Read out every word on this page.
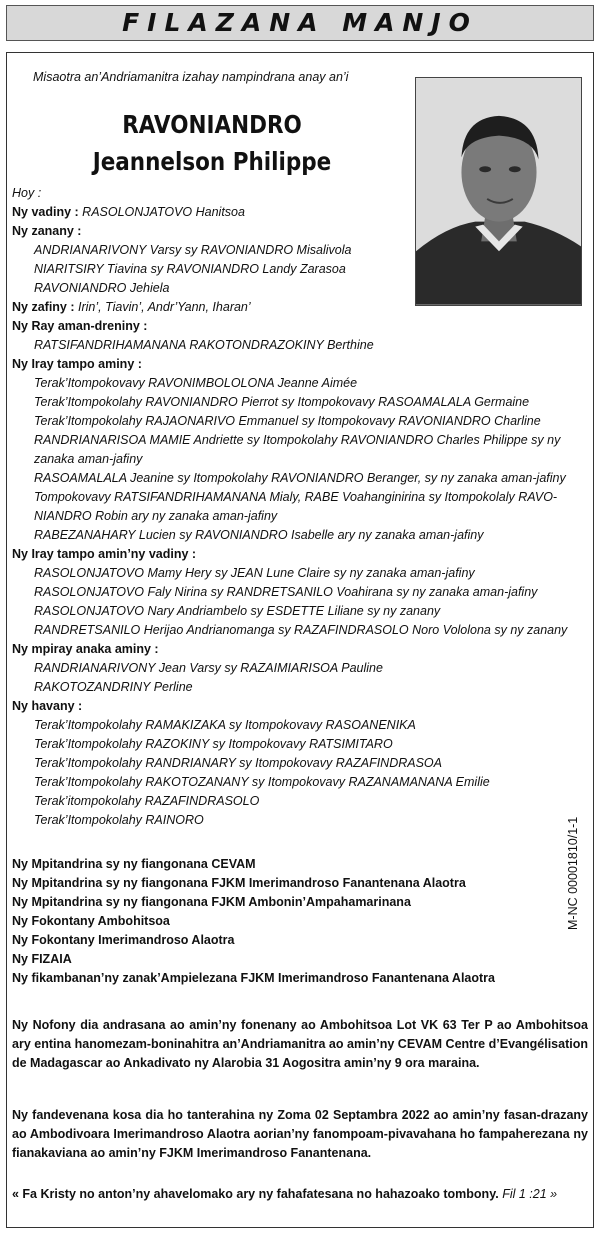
FILAZANA MANJO
Misaotra an’Andriamanitra izahay nampindrana anay an’i
RAVONIANDRO
Jeannelson Philippe
Hoy :
Ny vadiny : RASOLONJATOVO Hanitsoa
Ny zanany :
ANDRIANARIVONY Varsy sy RAVONIANDRO Misalivola
NIARITSIRY Tiavina sy RAVONIANDRO Landy Zarasoa
RAVONIANDRO Jehiela
Ny zafiny : Irin’, Tiavin’, Andr’Yann, Iharan’
Ny Ray aman-dreniny :
RATSIFANDRIHAMANANA RAKOTONDRAZOKINY Berthine
Ny Iray tampo aminy :
Terak’Itompokovavy RAVONIMBOLOLONA Jeanne Aimée
Terak’Itompokolahy RAVONIANDRO Pierrot sy Itompokovavy RASOAMALALA Germaine
Terak’Itompokolahy RAJAONARIVO Emmanuel sy Itompokovavy RAVONIANDRO Charline
RANDRIANARISOA MAMIE Andriette sy Itompokolahy RAVONIANDRO Charles Philippe sy ny zanaka aman-jafiny
RASOAMALALA Jeanine sy Itompokolahy RAVONIANDRO Beranger, sy ny zanaka aman-jafiny
Tompokovavy RATSIFANDRIHAMANANA Mialy, RABE Voahanginirina sy Itompokolaly RAVO-NIANDRO Robin ary ny zanaka aman-jafiny
RABEZANAHARY Lucien sy RAVONIANDRO Isabelle ary ny zanaka aman-jafiny
Ny Iray tampo amin’ny vadiny :
RASOLONJATOVO Mamy Hery sy JEAN Lune Claire sy ny zanaka aman-jafiny
RASOLONJATOVO Faly Nirina sy RANDRETSANILO Voahirana sy ny zanaka aman-jafiny
RASOLONJATOVO Nary Andriambelo sy ESDETTE Liliane sy ny zanany
RANDRETSANILO Herijao Andrianomanga sy RAZAFINDRASOLO Noro Vololona sy ny zanany
Ny mpiray anaka aminy :
RANDRIANARIVONY Jean Varsy sy RAZAIMIARISOA Pauline
RAKOTOZANDRINY Perline
Ny havany :
Terak’Itompokolahy RAMAKIZAKA sy Itompokovavy RASOANENIKA
Terak’Itompokolahy RAZOKINY sy Itompokovavy RATSIMITARO
Terak’Itompokolahy RANDRIANARY sy Itompokovavy RAZAFINDRASOA
Terak’Itompokolahy RAKOTOZANANY sy Itompokovavy RAZANAMANANA Emilie
Terak’itompokolahy RAZAFINDRASOLO
Terak’Itompokolahy RAINORO
Ny Mpitandrina sy ny fiangonana CEVAM
Ny Mpitandrina sy ny fiangonana FJKM Imerimandroso Fanantenana Alaotra
Ny Mpitandrina sy ny fiangonana FJKM Ambonin’Ampahamarinana
Ny Fokontany Ambohitsoa
Ny Fokontany Imerimandroso Alaotra
Ny FIZAIA
Ny fikambanan’ny zanak’Ampielezana FJKM Imerimandroso Fanantenana Alaotra
Ny Nofony dia andrasana ao amin’ny fonenany ao Ambohitsoa Lot VK 63 Ter P ao Ambohitsoa ary entina hanomezam-boninahitra an’Andriamanitra ao amin’ny CEVAM Centre d’Evangélisation de Madagascar ao Ankadivato ny Alarobia 31 Aogositra amin’ny 9 ora maraina.
Ny fandevenana kosa dia ho tanterahina ny Zoma 02 Septambra 2022 ao amin’ny fasan-drazany ao Ambodivoara Imerimandroso Alaotra aorian’ny fanompoam-pivavahana ho fampaherezana ny fianakaviana ao amin’ny FJKM Imerimandroso Fanantenana.
« Fa Kristy no anton’ny ahavelomako ary ny fahafatesana no hahazoako tombony. Fil 1 :21 »
M-NC 00001810/1-1
